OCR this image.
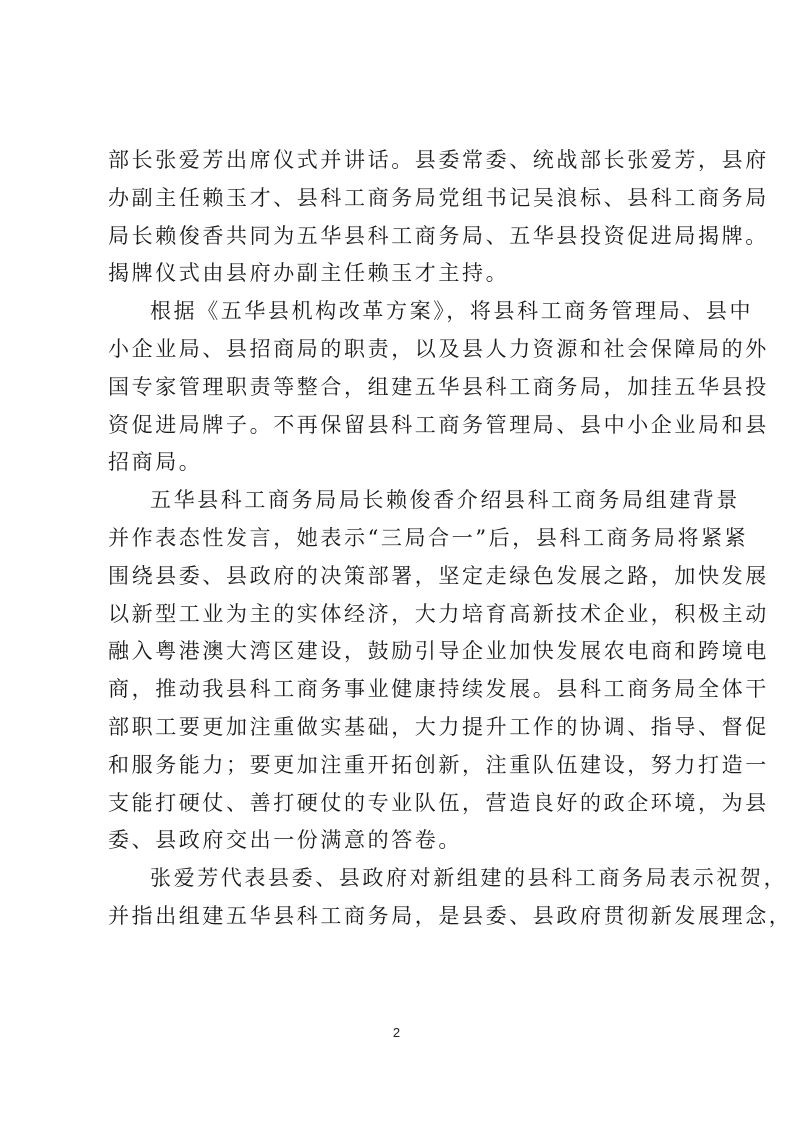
部长张爱芳出席仪式并讲话。县委常委、统战部长张爱芳，县府
办副主任赖玉才、县科工商务局党组书记吴浪标、县科工商务局
局长赖俊香共同为五华县科工商务局、五华县投资促进局揭牌。
揭牌仪式由县府办副主任赖玉才主持。

根据《五华县机构改革方案》，将县科工商务管理局、县中
小企业局、县招商局的职责，以及县人力资源和社会保障局的外
国专家管理职责等整合，组建五华县科工商务局，加挂五华县投
资促进局牌子。不再保留县科工商务管理局、县中小企业局和县
招商局。

五华县科工商务局局长赖俊香介绍县科工商务局组建背景
并作表态性发言，她表示“三局合一”后，县科工商务局将紧紧
围绕县委、县政府的决策部署，坚定走绿色发展之路，加快发展
以新型工业为主的实体经济，大力培育高新技术企业，积极主动
融入粤港澳大湾区建设，鼓励引导企业加快发展农电商和跨境电
商，推动我县科工商务事业健康持续发展。县科工商务局全体干
部职工要更加注重做实基础，大力提升工作的协调、指导、督促
和服务能力；要更加注重开拓创新，注重队伍建设，努力打造一
支能打硬仗、善打硬仗的专业队伍，营造良好的政企环境，为县
委、县政府交出一份满意的答卷。

张爱芳代表县委、县政府对新组建的县科工商务局表示祝贺，
并指出组建五华县科工商务局，是县委、县政府贯彻新发展理念，

2
